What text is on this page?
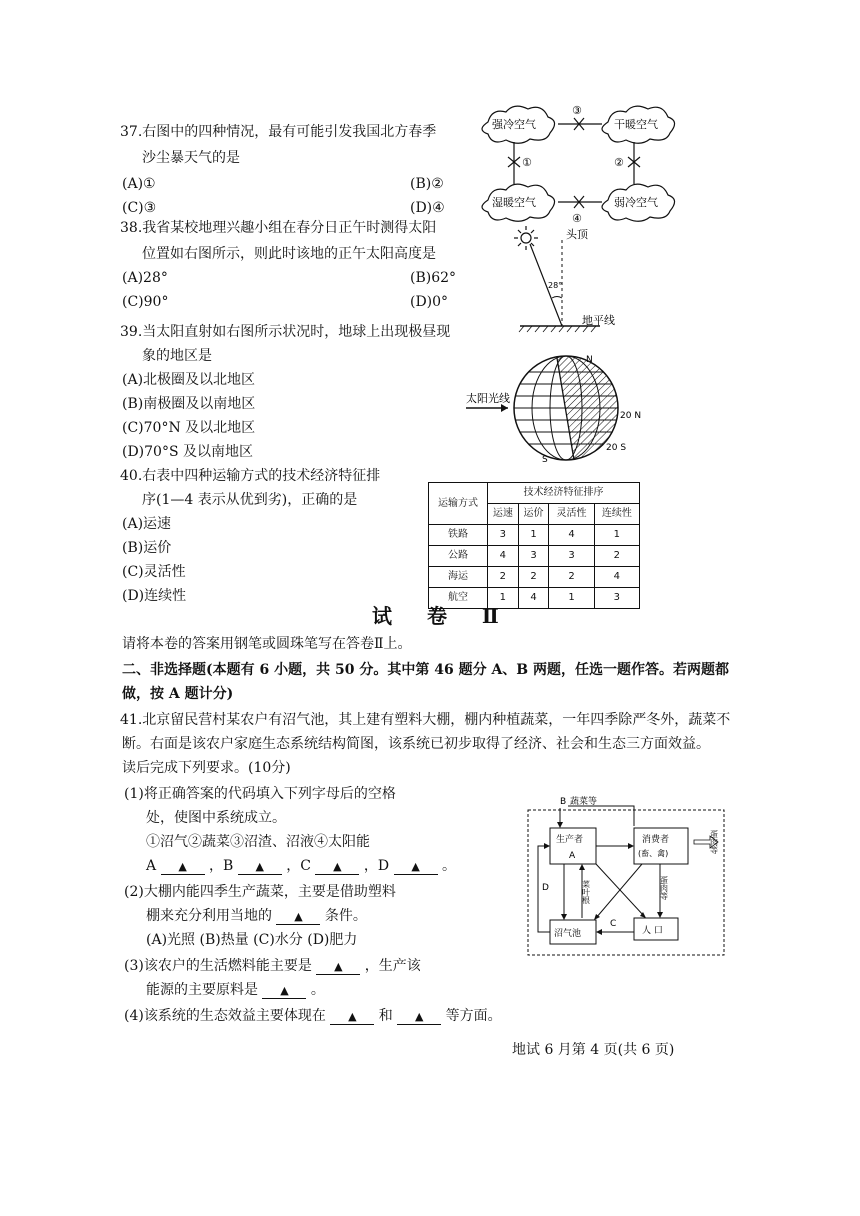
37.右图中的四种情况，最有可能引发我国北方春季
沙尘暴天气的是
(A)①	(B)②
(C)③	(D)④
强冷空气	干暖空气
湿暖空气	弱冷空气
③
④
①	②
38.我省某校地理兴趣小组在春分日正午时测得太阳
位置如右图所示，则此时该地的正午太阳高度是
(A)28°	(B)62°
(C)90°	(D)0°
头顶
28°
地平线
39.当太阳直射如右图所示状况时，地球上出现极昼现
象的地区是
(A)北极圈及以北地区
(B)南极圈及以南地区
(C)70°N 及以北地区
(D)70°S 及以南地区
太阳光线
N
S
20 N
20 S
40.右表中四种运输方式的技术经济特征排
序(1—4 表示从优到劣)，正确的是
(A)运速
(B)运价
(C)灵活性
(D)连续性
运输方式	技术经济特征排序			
	运速	运价	灵活性	连续性
铁路	3	1	4	1
公路	4	3	3	2
海运	2	2	2	4
航空	1	4	1	3
试 卷 Ⅱ
请将本卷的答案用钢笔或圆珠笔写在答卷Ⅱ上。
二、非选择题(本题有 6 小题，共 50 分。其中第 46 题分 A、B 两题，任选一题作答。若两题都
做，按 A 题计分)
41.北京留民营村某农户有沼气池，其上建有塑料大棚，棚内种植蔬菜，一年四季除严冬外，蔬菜不
断。右面是该农户家庭生态系统结构简图，该系统已初步取得了经济、社会和生态三方面效益。
读后完成下列要求。(10分)
(1)将正确答案的代码填入下列字母后的空格
处，使图中系统成立。
①沼气②蔬菜③沼渣、沼液④太阳能
A ▲ ，B ▲ ，C ▲ ，D ▲ 。
(2)大棚内能四季生产蔬菜，主要是借助塑料
棚来充分利用当地的 ▲ 条件。
(A)光照 (B)热量 (C)水分 (D)肥力
(3)该农户的生活燃料能主要是 ▲ ，生产该
能源的主要原料是 ▲ 。
(4)该系统的生态效益主要体现在 ▲ 和 ▲ 等方面。
B 蔬菜等
生产者
A
消费者
(畜、禽)	蛋肉等
沼气池	人 口
D	菜叶根	蛋肉等
C
地试 6 月第 4 页(共 6 页)
